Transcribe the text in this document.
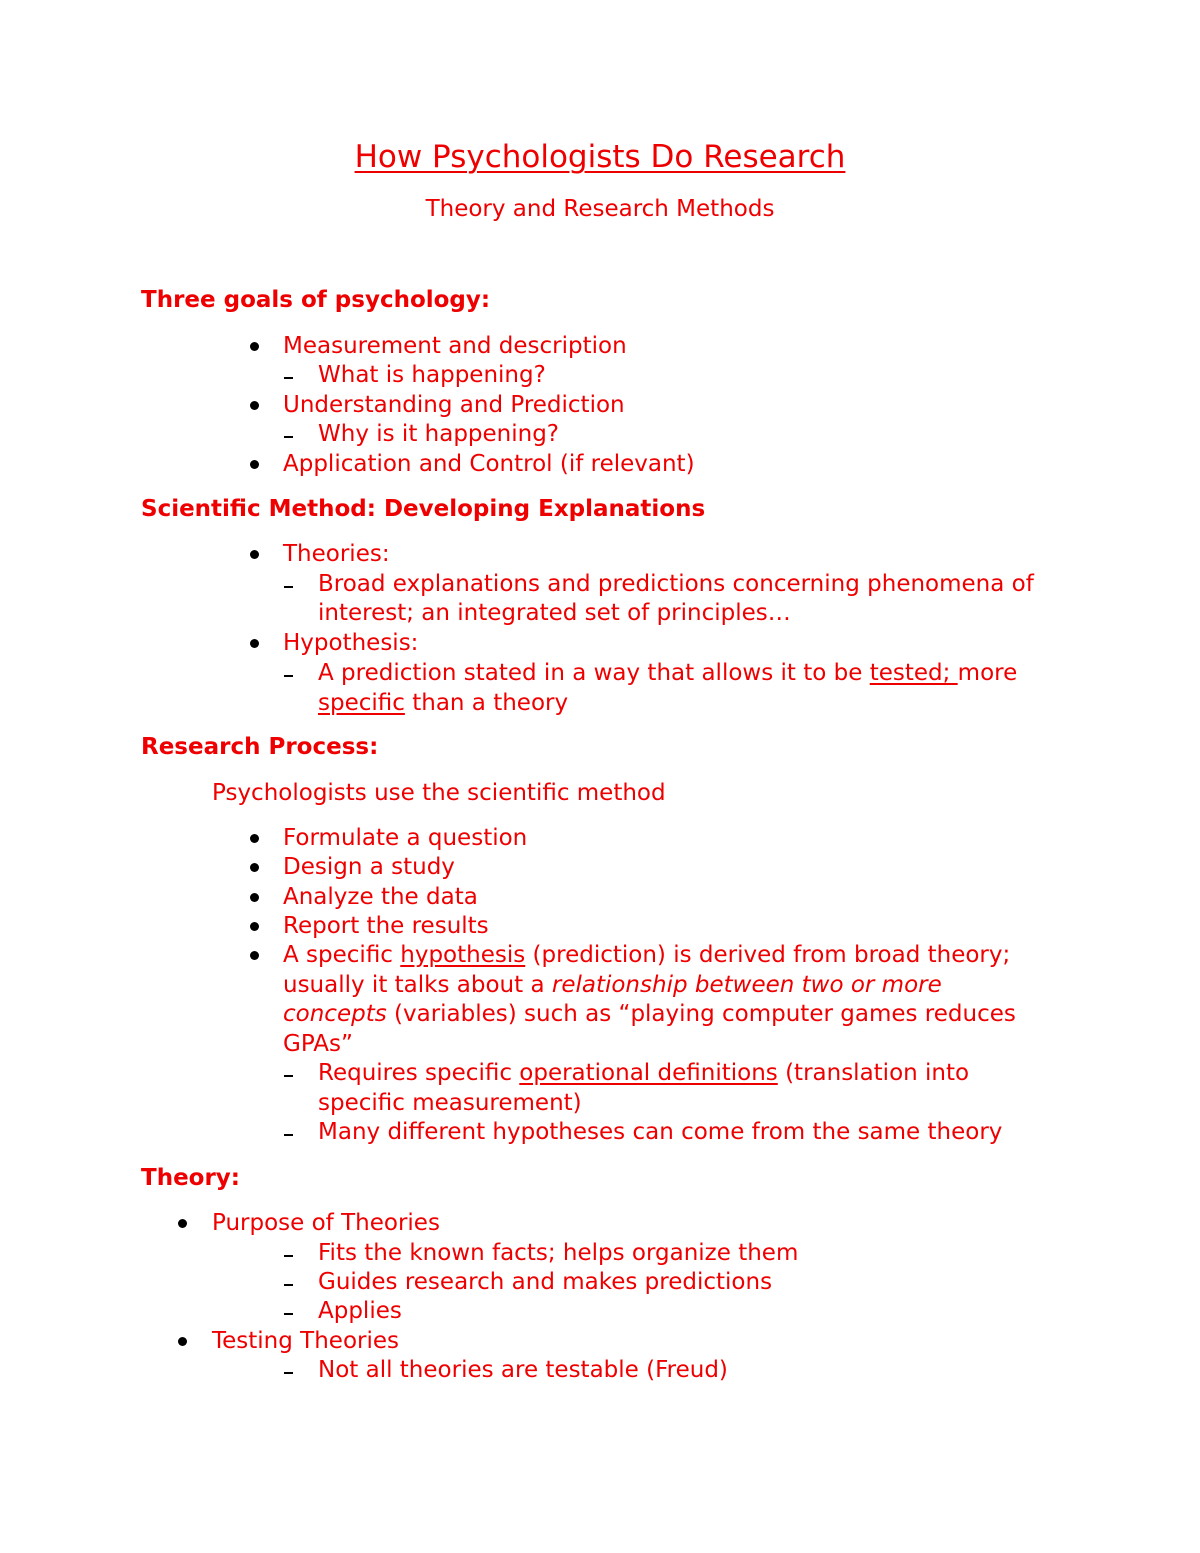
How Psychologists Do Research
Theory and Research Methods
Three goals of psychology:
Measurement and description
What is happening?
Understanding and Prediction
Why is it happening?
Application and Control (if relevant)
Scientific Method: Developing Explanations
Theories:
Broad explanations and predictions concerning phenomena of
interest; an integrated set of principles…
Hypothesis:
A prediction stated in a way that allows it to be tested; more
specific than a theory
Research Process:
Psychologists use the scientific method
Formulate a question
Design a study
Analyze the data
Report the results
A specific hypothesis (prediction) is derived from broad theory;
usually it talks about a relationship between two or more
concepts (variables) such as “playing computer games reduces
GPAs”
Requires specific operational definitions (translation into
specific measurement)
Many different hypotheses can come from the same theory
Theory:
Purpose of Theories
Fits the known facts; helps organize them
Guides research and makes predictions
Applies
Testing Theories
Not all theories are testable (Freud)
